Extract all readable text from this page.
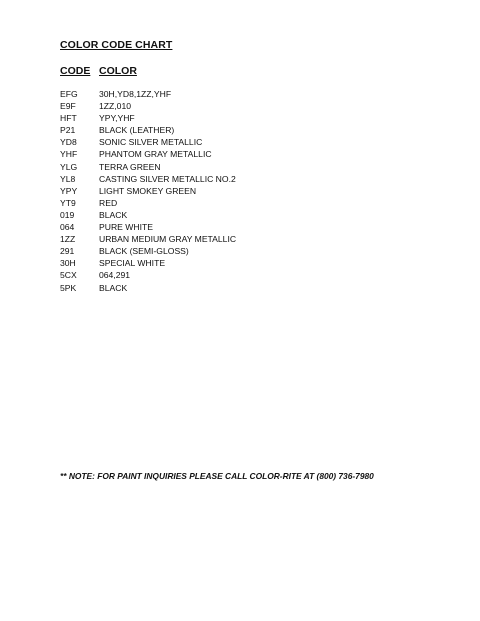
COLOR CODE CHART
CODE COLOR
EFG 30H,YD8,1ZZ,YHF
E9F	1ZZ,010
HFT	YPY,YHF
P21	BLACK (LEATHER)
YD8	SONIC SILVER METALLIC
YHF	PHANTOM GRAY METALLIC
YLG	TERRA GREEN
YL8	CASTING SILVER METALLIC NO.2
YPY	LIGHT SMOKEY GREEN
YT9	RED
019	BLACK
064	PURE WHITE
1ZZ	URBAN MEDIUM GRAY METALLIC
291	BLACK (SEMI-GLOSS)
30H	SPECIAL WHITE
5CX	064,291
5PK	BLACK
** NOTE: FOR PAINT INQUIRIES PLEASE CALL COLOR-RITE AT (800) 736-7980
